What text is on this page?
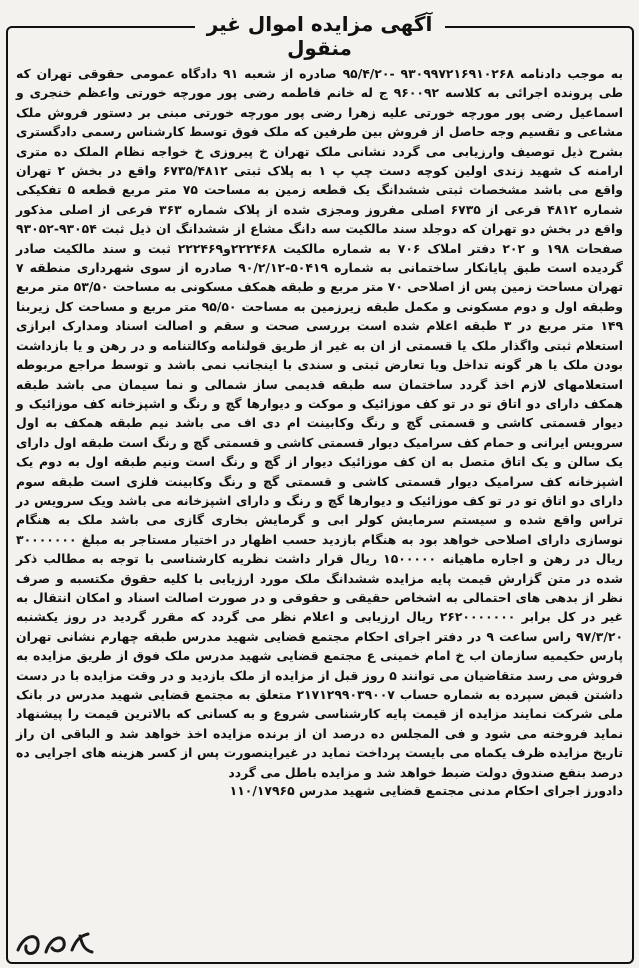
آگهی مزایده اموال غیر منقول

به موجب دادنامه ۹۳۰۹۹۷۲۱۶۹۱۰۲۶۸ -۹۵/۴/۲۰ صادره از شعبه ۹۱ دادگاه عمومی حقوقی تهران که طی پرونده اجرائی به کلاسه ۹۶۰۰۹۲ ج له خانم فاطمه رضی پور مورچه خورتی واعظم خنجری و اسماعیل رضی پور مورچه خورتی علیه زهرا رضی پور مورچه خورتی مبنی بر دستور فروش ملک مشاعی و تقسیم وجه حاصل از فروش بین طرفین که ملک فوق توسط کارشناس رسمی دادگستری بشرح ذیل توصیف وارزیابی می گردد نشانی ملک تهران خ پیروزی خ خواجه نظام الملک ده متری ارامنه ک شهید زندی اولین کوچه دست چپ پ ۱ به پلاک ثبتی ۶۷۳۵/۴۸۱۲ واقع در بخش ۲ تهران واقع می باشد مشخصات ثبتی ششدانگ یک قطعه زمین به مساحت ۷۵ متر مربع قطعه ۵ تفکیکی شماره ۴۸۱۲ فرعی از ۶۷۳۵ اصلی مفروز ومجزی شده از پلاک شماره ۳۶۳ فرعی از اصلی مذکور واقع در بخش دو تهران که دوجلد سند مالکیت سه دانگ مشاع از ششدانگ ان ذیل ثبت ۹۳۰۵۴-۹۳۰۵۲ صفحات ۱۹۸ و ۲۰۲ دفتر املاک ۷۰۶ به شماره مالکیت ۲۲۲۴۶۸و۲۲۲۴۶۹ ثبت و سند مالکیت صادر گردیده است طبق پایانکار ساختمانی به شماره ۵۰۴۱۹-۹۰/۲/۱۲ صادره از سوی شهرداری منطقه ۷ تهران مساحت زمین پس از اصلاحی ۷۰ متر مربع و طبقه همکف مسکونی به مساحت ۵۳/۵۰ متر مربع وطبقه اول و دوم مسکونی و مکمل طبقه زیرزمین به مساحت ۹۵/۵۰ متر مربع و مساحت کل زیربنا ۱۴۹ متر مربع در ۳ طبقه اعلام شده است بررسی صحت و سقم و اصالت اسناد ومدارک ابرازی استعلام ثبتی واگذار ملک یا قسمتی از ان به غیر از طریق قولنامه وکالتنامه و در رهن و یا بازداشت بودن ملک یا هر گونه تداخل ویا تعارض ثبتی و سندی با اینجانب نمی باشد و توسط مراجع مربوطه استعلامهای لازم اخذ گردد ساختمان سه طبقه قدیمی ساز شمالی و نما سیمان می باشد طبقه همکف دارای دو اتاق تو در تو کف موزائیک و موکت و دیوارها گچ و رنگ و اشپزخانه کف موزائیک و دیوار قسمتی کاشی و قسمتی گچ و رنگ وکابینت ام دی اف می باشد نیم طبقه همکف به اول سرویس ایرانی و حمام کف سرامیک دیوار قسمتی کاشی و قسمتی گچ و رنگ است طبقه اول دارای یک سالن و یک اتاق متصل به ان کف موزائیک دیوار از گچ و رنگ است ونیم طبقه اول به دوم یک اشپزخانه کف سرامیک دیوار قسمتی کاشی و قسمتی گچ و رنگ وکابینت فلزی است طبقه سوم دارای دو اتاق تو در تو کف موزائیک و دیوارها گچ و رنگ و دارای اشپزخانه می باشد ویک سرویس در تراس واقع شده و سیستم سرمایش کولر ابی و گرمایش بخاری گازی می باشد ملک به هنگام نوسازی دارای اصلاحی خواهد بود به هنگام بازدید حسب اظهار در اختیار مستاجر به مبلغ ۳۰۰۰۰۰۰۰ ریال در رهن و اجاره ماهیانه ۱۵۰۰۰۰۰ ریال قرار داشت نظریه کارشناسی با توجه به مطالب ذکر شده در متن گزارش قیمت پایه مزایده ششدانگ ملک مورد ارزیابی با کلیه حقوق مکتسبه و صرف نظر از بدهی های احتمالی به اشخاص حقیقی و حقوقی و در صورت اصالت اسناد و امکان انتقال به غیر در کل برابر ۲۶۲۰۰۰۰۰۰۰ ریال ارزیابی و اعلام نظر می گردد که مقرر گردید در روز یکشنبه ۹۷/۳/۲۰ راس ساعت ۹ در دفتر اجرای احکام مجتمع قضایی شهید مدرس طبقه چهارم نشانی تهران پارس حکیمیه سازمان اب خ امام خمینی ع مجتمع قضایی شهید مدرس ملک فوق از طریق مزایده به فروش می رسد متقاضیان می توانند ۵ روز قبل از مزایده از ملک بازدید و در وقت مزایده با در دست داشتن قبض سپرده به شماره حساب ۲۱۷۱۲۹۹۰۳۹۰۰۷ متعلق به مجتمع قضایی شهید مدرس در بانک ملی شرکت نمایند مزایده از قیمت پایه کارشناسی شروع و به کسانی که بالاترین قیمت را پیشنهاد نماید فروخته می شود و فی المجلس ده درصد ان از برنده مزایده اخذ خواهد شد و الباقی ان راز تاریخ مزایده ظرف یکماه می بایست پرداخت نماید در غیراینصورت پس از کسر هزینه های اجرایی ده درصد بنفع صندوق دولت ضبط خواهد شد و مزایده باطل می گردد

دادورز اجرای احکام مدنی مجتمع قضایی شهید مدرس ۱۱۰/۱۷۹۶۵
